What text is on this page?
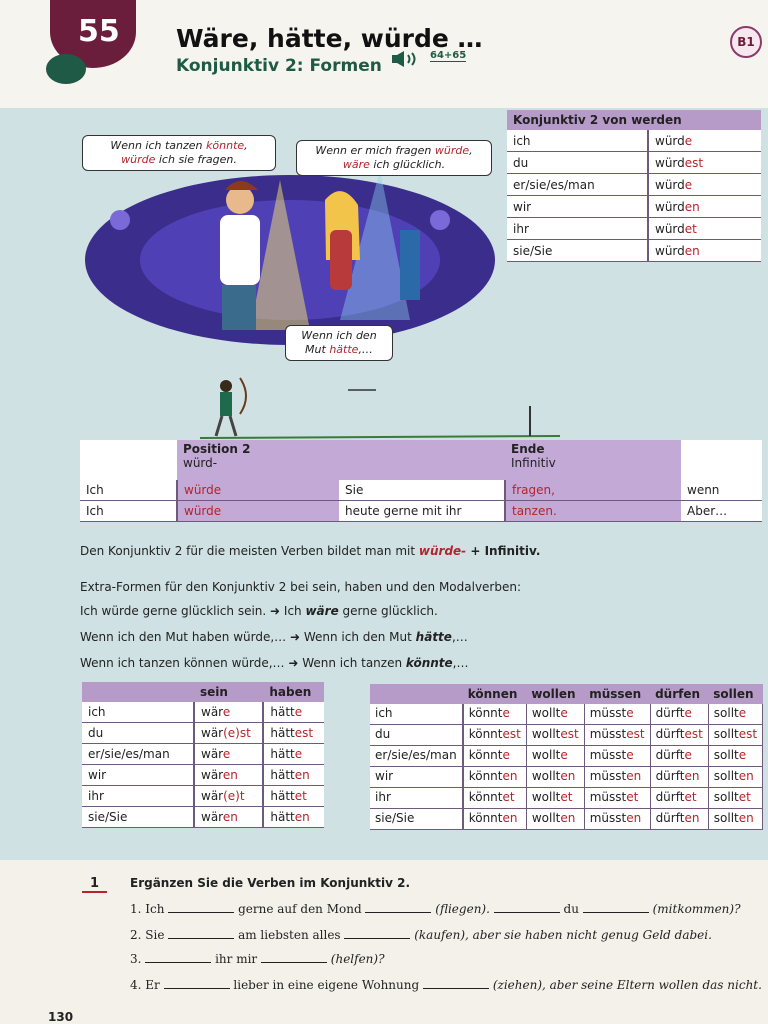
55 Wäre, hätte, würde …
Konjunktiv 2: Formen
64+65
B1
Wenn ich tanzen könnte,
würde ich sie fragen.
Wenn er mich fragen würde,
wäre ich glücklich.
Wenn ich den
Mut hätte,…
Konjunktiv 2 von werden	
ich	würde
du	würdest
er/sie/es/man	würde
wir	würden
ihr	würdet
sie/Sie	würden
	Position 2
würd-		Ende
Infinitiv	
Ich	würde	Sie	fragen,	wenn
Ich	würde	heute gerne mit ihr	tanzen.	Aber…
Den Konjunktiv 2 für die meisten Verben bildet man mit würde- + Infinitiv.
Extra-Formen für den Konjunktiv 2 bei sein, haben und den Modalverben:
Ich würde gerne glücklich sein. ➜ Ich wäre gerne glücklich.
Wenn ich den Mut haben würde,… ➜ Wenn ich den Mut hätte,…
Wenn ich tanzen können würde,… ➜ Wenn ich tanzen könnte,…
	sein	haben
ich	wäre	hätte
du	wär(e)st	hättest
er/sie/es/man	wäre	hätte
wir	wären	hätten
ihr	wär(e)t	hättet
sie/Sie	wären	hätten
	können	wollen	müssen	dürfen	sollen
ich	könnte	wollte	müsste	dürfte	sollte
du	könntest	wolltest	müsstest	dürftest	solltest
er/sie/es/man	könnte	wollte	müsste	dürfte	sollte
wir	könnten	wollten	müssten	dürften	sollten
ihr	könntet	wolltet	müsstet	dürftet	solltet
sie/Sie	könnten	wollten	müssten	dürften	sollten
1	Ergänzen Sie die Verben im Konjunktiv 2.
1. Ich	gerne auf den Mond	(fliegen).	du	(mitkommen)?
2. Sie	am liebsten alles	(kaufen), aber sie haben nicht genug Geld dabei.
3.	ihr mir	(helfen)?
4. Er	lieber in eine eigene Wohnung	(ziehen), aber seine Eltern wollen das nicht.
130
